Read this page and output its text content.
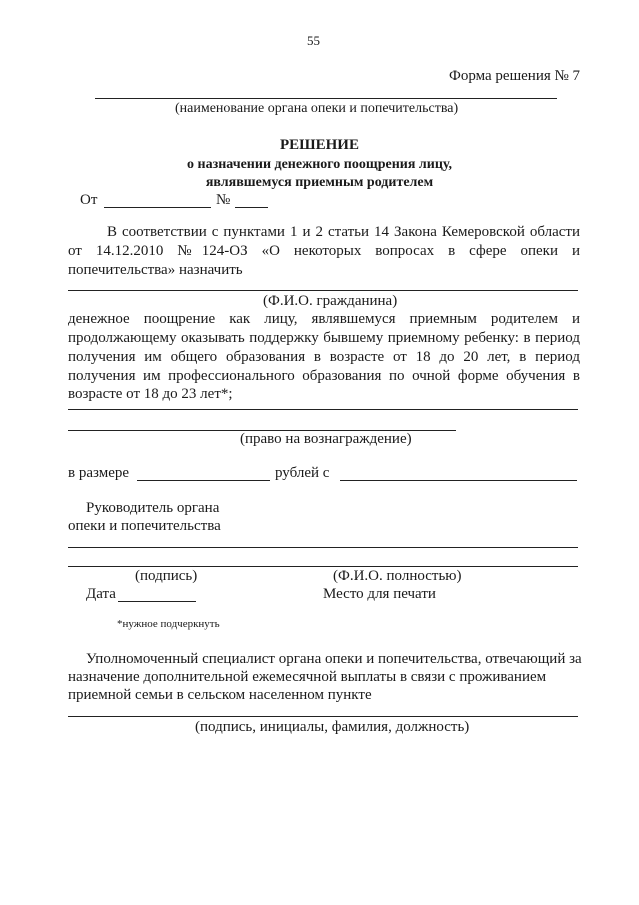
55
Форма решения № 7
(наименование органа опеки и попечительства)
РЕШЕНИЕ
о назначении денежного поощрения лицу,
являвшемуся приемным родителем
От	№
В соответствии с пунктами 1 и 2 статьи 14 Закона Кемеровской области
от 14.12.2010 №124-ОЗ «О некоторых вопросах в сфере опеки и
попечительства» назначить
(Ф.И.О. гражданина)
денежное поощрение как лицу, являвшемуся приемным родителем и
продолжающему оказывать поддержку бывшему приемному ребенку: в период
получения им общего образования в возрасте от 18 до 20 лет, в период
получения им профессионального образования по очной форме обучения в
возрасте от 18 до 23 лет*;
(право на вознаграждение)
в размере	рублей с
Руководитель органа
опеки и попечительства
(подпись)	(Ф.И.О. полностью)
Дата	Место для печати
*нужное подчеркнуть
Уполномоченный специалист органа опеки и попечительства, отвечающий за
назначение дополнительной ежемесячной выплаты в связи с проживанием
приемной семьи в сельском населенном пункте
(подпись, инициалы, фамилия, должность)
